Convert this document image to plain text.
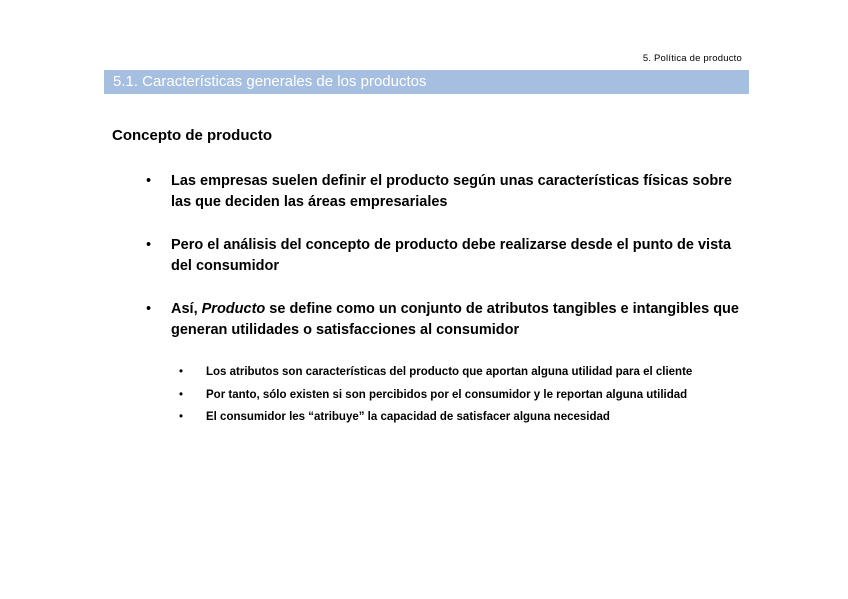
5. Política de producto
5.1. Características generales de los productos
Concepto de producto
• Las empresas suelen definir el producto según unas características físicas sobre las que deciden las áreas empresariales
• Pero el análisis del concepto de producto debe realizarse desde el punto de vista del consumidor
• Así, Producto se define como un conjunto de atributos tangibles e intangibles que generan utilidades o satisfacciones al consumidor
• Los atributos son características del producto que aportan alguna utilidad para el cliente
• Por tanto, sólo existen si son percibidos por el consumidor y le reportan alguna utilidad
• El consumidor les “atribuye” la capacidad de satisfacer alguna necesidad
